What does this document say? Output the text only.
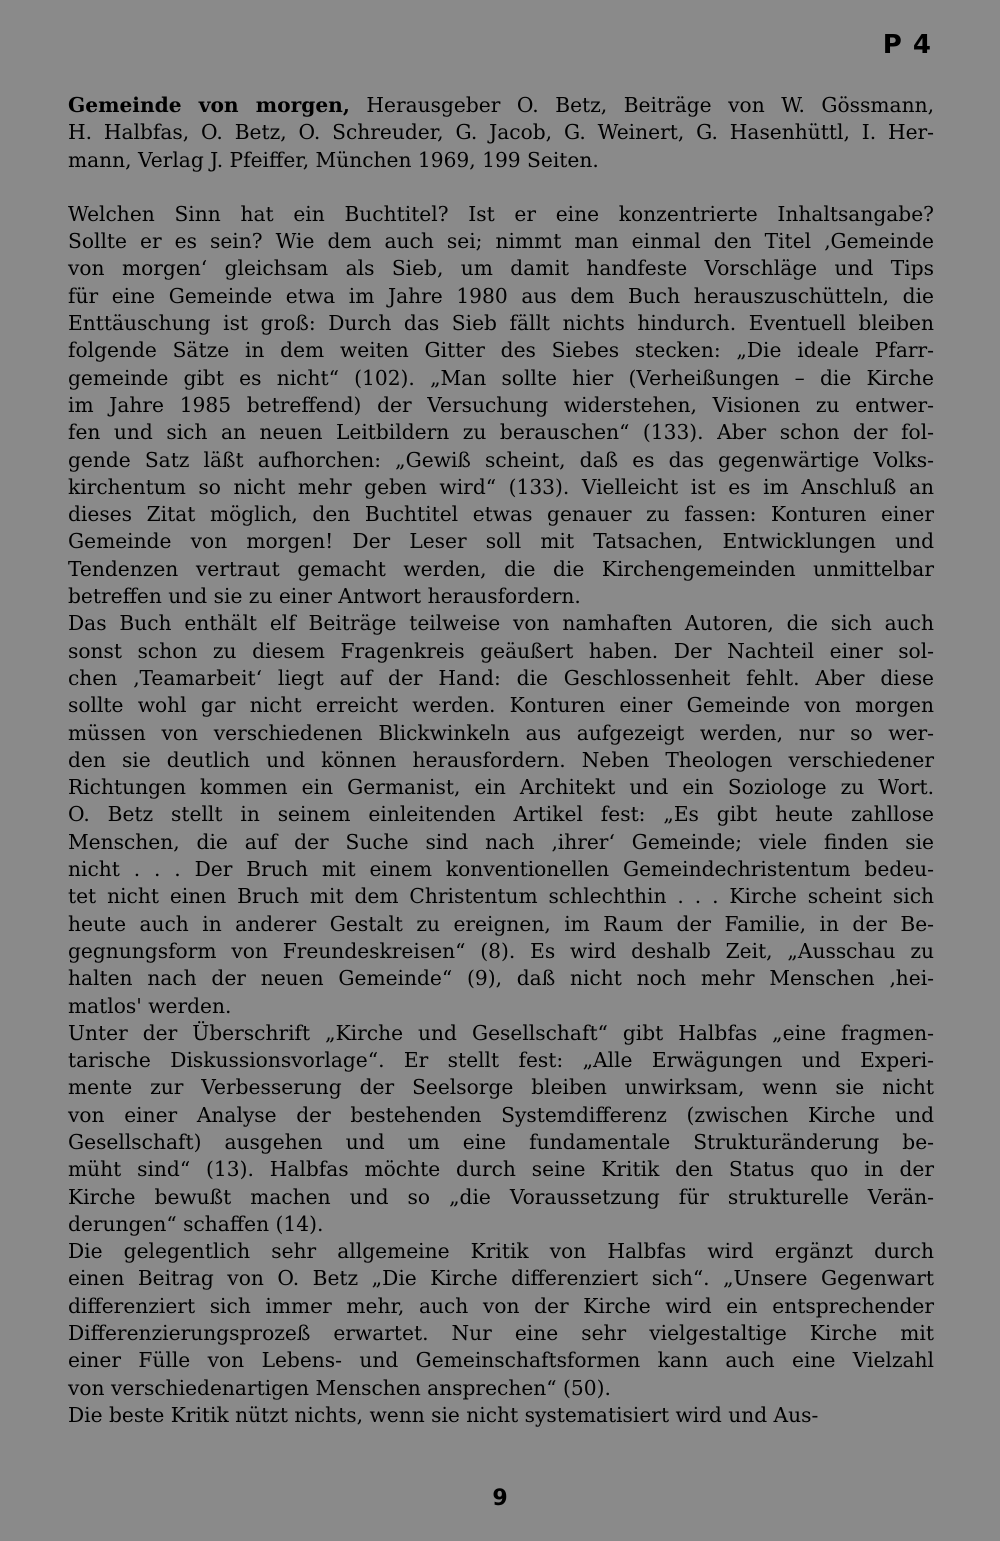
P 4
Gemeinde von morgen, Herausgeber O. Betz, Beiträge von W. Gössmann,
H. Halbfas, O. Betz, O. Schreuder, G. Jacob, G. Weinert, G. Hasenhüttl, I. Her-
mann, Verlag J. Pfeiffer, München 1969, 199 Seiten.
Welchen Sinn hat ein Buchtitel? Ist er eine konzentrierte Inhaltsangabe?
Sollte er es sein? Wie dem auch sei; nimmt man einmal den Titel ‚Gemeinde
von morgen‘ gleichsam als Sieb, um damit handfeste Vorschläge und Tips
für eine Gemeinde etwa im Jahre 1980 aus dem Buch herauszuschütteln, die
Enttäuschung ist groß: Durch das Sieb fällt nichts hindurch. Eventuell bleiben
folgende Sätze in dem weiten Gitter des Siebes stecken: „Die ideale Pfarr-
gemeinde gibt es nicht“ (102). „Man sollte hier (Verheißungen – die Kirche
im Jahre 1985 betreffend) der Versuchung widerstehen, Visionen zu entwer-
fen und sich an neuen Leitbildern zu berauschen“ (133). Aber schon der fol-
gende Satz läßt aufhorchen: „Gewiß scheint, daß es das gegenwärtige Volks-
kirchentum so nicht mehr geben wird“ (133). Vielleicht ist es im Anschluß an
dieses Zitat möglich, den Buchtitel etwas genauer zu fassen: Konturen einer
Gemeinde von morgen! Der Leser soll mit Tatsachen, Entwicklungen und
Tendenzen vertraut gemacht werden, die die Kirchengemeinden unmittelbar
betreffen und sie zu einer Antwort herausfordern.
Das Buch enthält elf Beiträge teilweise von namhaften Autoren, die sich auch
sonst schon zu diesem Fragenkreis geäußert haben. Der Nachteil einer sol-
chen ‚Teamarbeit‘ liegt auf der Hand: die Geschlossenheit fehlt. Aber diese
sollte wohl gar nicht erreicht werden. Konturen einer Gemeinde von morgen
müssen von verschiedenen Blickwinkeln aus aufgezeigt werden, nur so wer-
den sie deutlich und können herausfordern. Neben Theologen verschiedener
Richtungen kommen ein Germanist, ein Architekt und ein Soziologe zu Wort.
O. Betz stellt in seinem einleitenden Artikel fest: „Es gibt heute zahllose
Menschen, die auf der Suche sind nach ‚ihrer‘ Gemeinde; viele finden sie
nicht . . . Der Bruch mit einem konventionellen Gemeindechristentum bedeu-
tet nicht einen Bruch mit dem Christentum schlechthin . . . Kirche scheint sich
heute auch in anderer Gestalt zu ereignen, im Raum der Familie, in der Be-
gegnungsform von Freundeskreisen“ (8). Es wird deshalb Zeit, „Ausschau zu
halten nach der neuen Gemeinde“ (9), daß nicht noch mehr Menschen ‚hei-
matlos' werden.
Unter der Überschrift „Kirche und Gesellschaft“ gibt Halbfas „eine fragmen-
tarische Diskussionsvorlage“. Er stellt fest: „Alle Erwägungen und Experi-
mente zur Verbesserung der Seelsorge bleiben unwirksam, wenn sie nicht
von einer Analyse der bestehenden Systemdifferenz (zwischen Kirche und
Gesellschaft) ausgehen und um eine fundamentale Strukturänderung be-
müht sind“ (13). Halbfas möchte durch seine Kritik den Status quo in der
Kirche bewußt machen und so „die Voraussetzung für strukturelle Verän-
derungen“ schaffen (14).
Die gelegentlich sehr allgemeine Kritik von Halbfas wird ergänzt durch
einen Beitrag von O. Betz „Die Kirche differenziert sich“. „Unsere Gegenwart
differenziert sich immer mehr, auch von der Kirche wird ein entsprechender
Differenzierungsprozeß erwartet. Nur eine sehr vielgestaltige Kirche mit
einer Fülle von Lebens- und Gemeinschaftsformen kann auch eine Vielzahl
von verschiedenartigen Menschen ansprechen“ (50).
Die beste Kritik nützt nichts, wenn sie nicht systematisiert wird und Aus-
9
